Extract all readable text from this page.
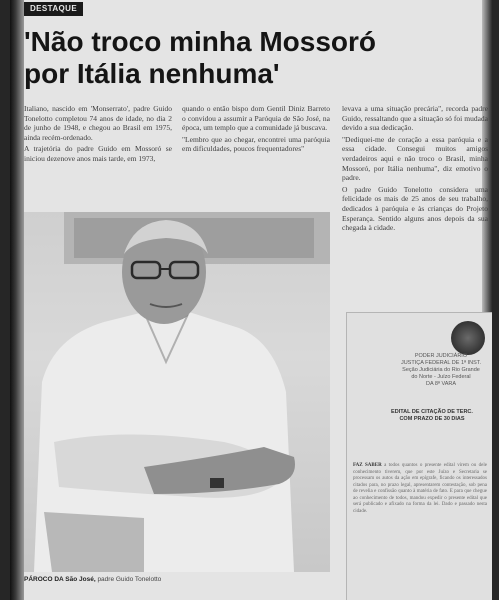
DESTAQUE
'Não troco minha Mossoró
por Itália nenhuma'

Italiano, nascido em 'Monserrato', padre Guido Tonelotto completou 74 anos de idade, no dia 2 de junho de 1948, e chegou ao Brasil em 1975, ainda recém-ordenado.

A trajetória do padre Guido em Mossoró se iniciou dezenove anos mais tarde, em 1973,

quando o então bispo dom Gentil Diniz Barreto o convidou a assumir a Paróquia de São José, na época, um templo que a comunidade já buscava.

"Lembro que ao chegar, encontrei uma paróquia em dificuldades, poucos frequentadores"

levava a uma situação precária", recorda padre Guido, ressaltando que a situação só foi mudada devido a sua dedicação.

"Dediquei-me de coração a essa paróquia e a essa cidade. Consegui muitos amigos verdadeiros aqui e não troco o Brasil, minha Mossoró, por Itália nenhuma", diz emotivo o padre.

O padre Guido Tonelotto considera uma felicidade os mais de 25 anos de seu trabalho, dedicados à paróquia e às crianças do Projeto Esperança. Sentido alguns anos depois da sua chegada à cidade.

PÁROCO DA São José, padre Guido Tonelotto
PODER JUDICIÁRIO
JUSTIÇA FEDERAL DE 1ª INST.
Seção Judiciária do Rio Grande
do Norte - Juízo Federal
DA 8ª VARA
EDITAL DE CITAÇÃO DE TERC.
COM PRAZO DE 30 DIAS
FAZ SABER a todos quantos o presente edital virem ou dele conhecimento tiverem, que por este Juízo e Secretaria se processam os autos da ação em epígrafe, ficando os interessados citados para, no prazo legal, apresentarem contestação, sob pena de revelia e confissão quanto à matéria de fato. E para que chegue ao conhecimento de todos, mandou expedir o presente edital que será publicado e afixado na forma da lei. Dado e passado nesta cidade.
